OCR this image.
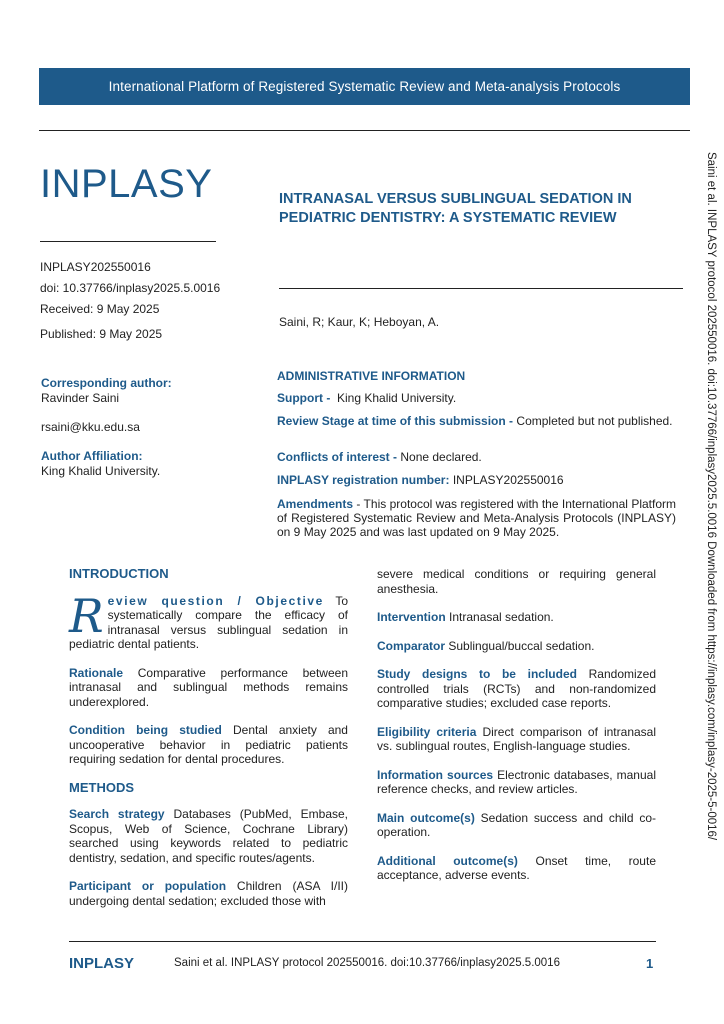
International Platform of Registered Systematic Review and Meta-analysis Protocols
INPLASY	INTRANASAL VERSUS SUBLINGUAL SEDATION IN PEDIATRIC DENTISTRY: A SYSTEMATIC REVIEW
INPLASY202550016
doi: 10.37766/inplasy2025.5.0016
Received: 9 May 2025
Published: 9 May 2025
Saini, R; Kaur, K; Heboyan, A.
Corresponding author:
Ravinder Saini
rsaini@kku.edu.sa
Author Affiliation:
King Khalid University.
ADMINISTRATIVE INFORMATION
Support - King Khalid University.
Review Stage at time of this submission - Completed but not published.
Conflicts of interest - None declared.
INPLASY registration number: INPLASY202550016
Amendments - This protocol was registered with the International Platform of Registered Systematic Review and Meta-Analysis Protocols (INPLASY) on 9 May 2025 and was last updated on 9 May 2025.
INTRODUCTION

Review question / Objective To systematically compare the efficacy of intranasal versus sublingual sedation in pediatric dental patients.

Rationale Comparative performance between intranasal and sublingual methods remains underexplored.

Condition being studied Dental anxiety and uncooperative behavior in pediatric patients requiring sedation for dental procedures.

METHODS

Search strategy Databases (PubMed, Embase, Scopus, Web of Science, Cochrane Library) searched using keywords related to pediatric dentistry, sedation, and specific routes/agents.

Participant or population Children (ASA I/II) undergoing dental sedation; excluded those with

severe medical conditions or requiring general anesthesia.

Intervention Intranasal sedation.

Comparator Sublingual/buccal sedation.

Study designs to be included Randomized controlled trials (RCTs) and non-randomized comparative studies; excluded case reports.

Eligibility criteria Direct comparison of intranasal vs. sublingual routes, English-language studies.

Information sources Electronic databases, manual reference checks, and review articles.

Main outcome(s) Sedation success and child co-operation.

Additional outcome(s) Onset time, route acceptance, adverse events.

Saini et al. INPLASY protocol 202550016. doi:10.37766/inplasy2025.5.0016 Downloaded from https://inplasy.com/inplasy-2025-5-0016/
INPLASY	Saini et al. INPLASY protocol 202550016. doi:10.37766/inplasy2025.5.0016	1
